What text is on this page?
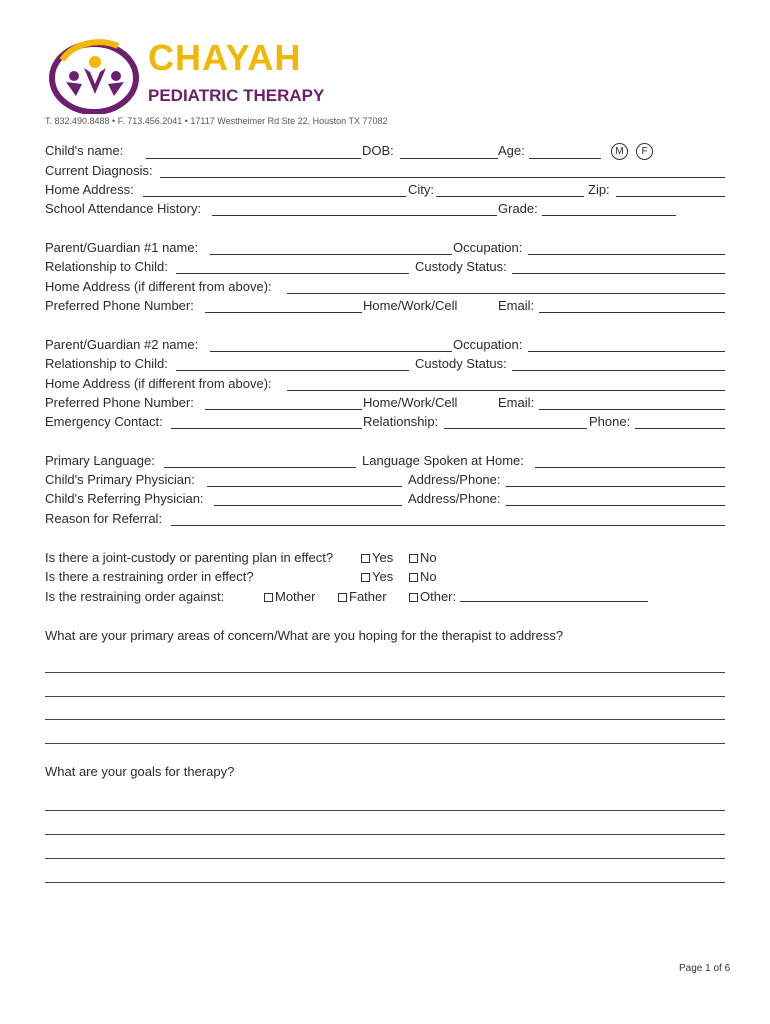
CHAYAH
PEDIATRIC THERAPY
T. 832.490.8488 • F. 713.456.2041 • 17117 Westheimer Rd Ste 22, Houston TX 77082
Child's name:	DOB:	Age:	M	F
Current Diagnosis:
Home Address:	City:	Zip:
School Attendance History:	Grade:
Parent/Guardian #1 name:	Occupation:
Relationship to Child:	Custody Status:
Home Address (if different from above):
Preferred Phone Number:	Home/Work/Cell	Email:
Parent/Guardian #2 name:	Occupation:
Relationship to Child:	Custody Status:
Home Address (if different from above):
Preferred Phone Number:	Home/Work/Cell	Email:
Emergency Contact:	Relationship:	Phone:
Primary Language:	Language Spoken at Home:
Child's Primary Physician:	Address/Phone:
Child's Referring Physician:	Address/Phone:
Reason for Referral:
Is there a joint-custody or parenting plan in effect?	Yes	No
Is there a restraining order in effect?	Yes	No
Is the restraining order against:	Mother	Father	Other:
What are your primary areas of concern/What are you hoping for the therapist to address?
What are your goals for therapy?
Page 1 of 6
